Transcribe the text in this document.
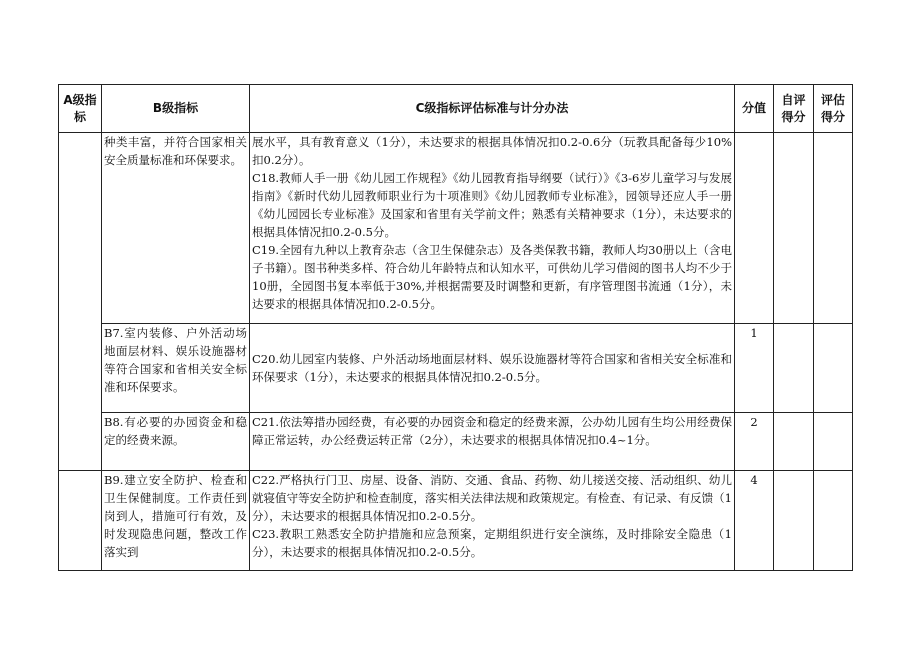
A级指标	B级指标	C级指标评估标准与计分办法	分值	自评得分	评估得分
	种类丰富，并符合国家相关安全质量标准和环保要求。	展水平，具有教育意义（1分），未达要求的根据具体情况扣0.2-0.6分（玩教具配备每少10%扣0.2分）。
C18.教师人手一册《幼儿园工作规程》《幼儿园教育指导纲要（试行）》《3-6岁儿童学习与发展指南》《新时代幼儿园教师职业行为十项准则》《幼儿园教师专业标准》，园领导还应人手一册《幼儿园园长专业标准》及国家和省里有关学前文件；熟悉有关精神要求（1分），未达要求的根据具体情况扣0.2-0.5分。
C19.全园有九种以上教育杂志（含卫生保健杂志）及各类保教书籍，教师人均30册以上（含电子书籍）。图书种类多样、符合幼儿年龄特点和认知水平，可供幼儿学习借阅的图书人均不少于10册，全园图书复本率低于30%,并根据需要及时调整和更新，有序管理图书流通（1分），未达要求的根据具体情况扣0.2-0.5分。			

	B7.室内装修、户外活动场地面层材料、娱乐设施器材等符合国家和省相关安全标准和环保要求。	C20.幼儿园室内装修、户外活动场地面层材料、娱乐设施器材等符合国家和省相关安全标准和环保要求（1分），未达要求的根据具体情况扣0.2-0.5分。	1		
	B8.有必要的办园资金和稳定的经费来源。	C21.依法筹措办园经费，有必要的办园资金和稳定的经费来源，公办幼儿园有生均公用经费保障正常运转，办公经费运转正常（2分），未达要求的根据具体情况扣0.4~1分。	2		
	B9.建立安全防护、检查和卫生保健制度。工作责任到岗到人，措施可行有效，及时发现隐患问题，整改工作落实到	C22.严格执行门卫、房屋、设备、消防、交通、食品、药物、幼儿接送交接、活动组织、幼儿就寝值守等安全防护和检查制度，落实相关法律法规和政策规定。有检查、有记录、有反馈（1分），未达要求的根据具体情况扣0.2-0.5分。
C23.教职工熟悉安全防护措施和应急预案，定期组织进行安全演练，及时排除安全隐患（1分），未达要求的根据具体情况扣0.2-0.5分。	4		
